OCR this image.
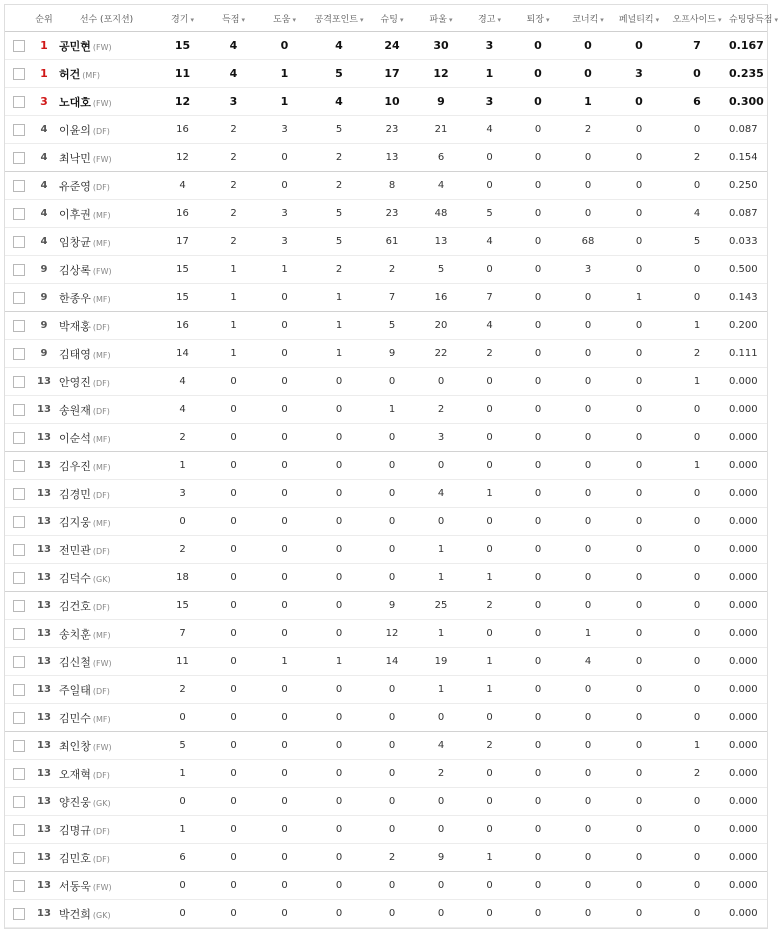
	순위	선수 (포지션)	경기 ▾	득점 ▾	도움 ▾	공격포인트 ▾	슈팅 ▾	파울 ▾	경고 ▾	퇴장 ▾	코너킥 ▾	페널티킥 ▾	오프사이드 ▾	슈팅당득점 ▾
	1	공민현 (FW)	15	4	0	4	24	30	3	0	0	0	7	0.167
	1	허건 (MF)	11	4	1	5	17	12	1	0	0	3	0	0.235
	3	노대호 (FW)	12	3	1	4	10	9	3	0	1	0	6	0.300
	4	이윤의 (DF)	16	2	3	5	23	21	4	0	2	0	0	0.087
	4	최낙민 (FW)	12	2	0	2	13	6	0	0	0	0	2	0.154
	4	유준영 (DF)	4	2	0	2	8	4	0	0	0	0	0	0.250
	4	이후권 (MF)	16	2	3	5	23	48	5	0	0	0	4	0.087
	4	임창균 (MF)	17	2	3	5	61	13	4	0	68	0	5	0.033
	9	김상록 (FW)	15	1	1	2	2	5	0	0	3	0	0	0.500
	9	한종우 (MF)	15	1	0	1	7	16	7	0	0	1	0	0.143
	9	박재홍 (DF)	16	1	0	1	5	20	4	0	0	0	1	0.200
	9	김태영 (MF)	14	1	0	1	9	22	2	0	0	0	2	0.111
	13	안영진 (DF)	4	0	0	0	0	0	0	0	0	0	1	0.000
	13	송원재 (DF)	4	0	0	0	1	2	0	0	0	0	0	0.000
	13	이순석 (MF)	2	0	0	0	0	3	0	0	0	0	0	0.000
	13	김우진 (MF)	1	0	0	0	0	0	0	0	0	0	1	0.000
	13	김경민 (DF)	3	0	0	0	0	4	1	0	0	0	0	0.000
	13	김지웅 (MF)	0	0	0	0	0	0	0	0	0	0	0	0.000
	13	전민관 (DF)	2	0	0	0	0	1	0	0	0	0	0	0.000
	13	김덕수 (GK)	18	0	0	0	0	1	1	0	0	0	0	0.000
	13	김건호 (DF)	15	0	0	0	9	25	2	0	0	0	0	0.000
	13	송치훈 (MF)	7	0	0	0	12	1	0	0	1	0	0	0.000
	13	김신철 (FW)	11	0	1	1	14	19	1	0	4	0	0	0.000
	13	주일태 (DF)	2	0	0	0	0	1	1	0	0	0	0	0.000
	13	김민수 (MF)	0	0	0	0	0	0	0	0	0	0	0	0.000
	13	최인창 (FW)	5	0	0	0	0	4	2	0	0	0	1	0.000
	13	오재혁 (DF)	1	0	0	0	0	2	0	0	0	0	2	0.000
	13	양진웅 (GK)	0	0	0	0	0	0	0	0	0	0	0	0.000
	13	김명규 (DF)	1	0	0	0	0	0	0	0	0	0	0	0.000
	13	김민호 (DF)	6	0	0	0	2	9	1	0	0	0	0	0.000
	13	서동욱 (FW)	0	0	0	0	0	0	0	0	0	0	0	0.000
	13	박건희 (GK)	0	0	0	0	0	0	0	0	0	0	0	0.000
